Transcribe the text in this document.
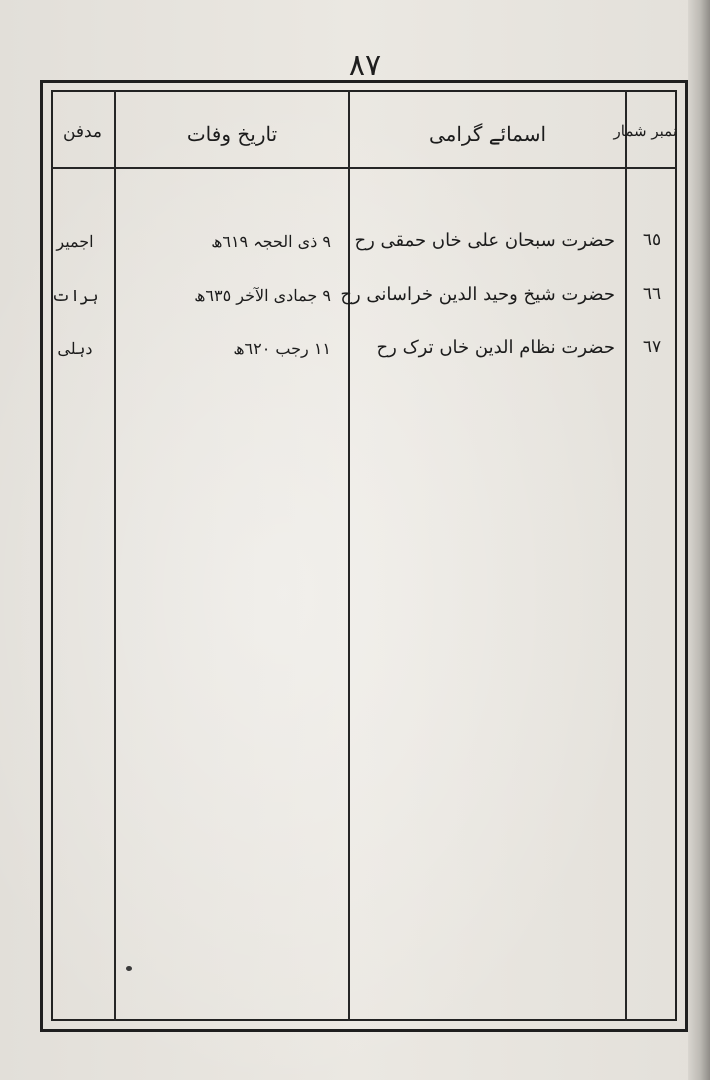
٨٧
نمبر شمار
اسمائے گرامی
تاریخ وفات
مدفن
٦٥
حضرت سبحان علی خاں حمقی رح
٩ ذی الحجہ ٦١٩ھ
اجمیر
٦٦
حضرت شیخ وحید الدین خراسانی رح
٩ جمادی الآخر ٦٣٥ھ
ہرات
٦٧
حضرت نظام الدین خاں ترک رح
١١ رجب ٦٢٠ھ
دہلی
